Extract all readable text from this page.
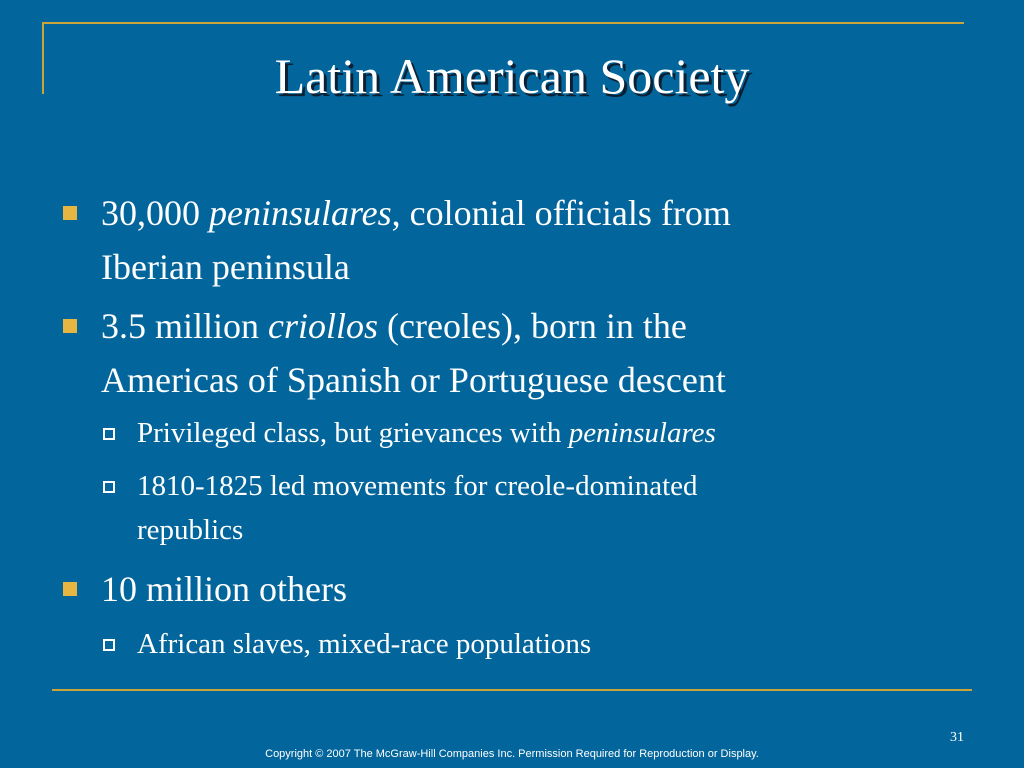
Latin American Society
30,000 peninsulares, colonial officials from
Iberian peninsula
3.5 million criollos (creoles), born in the
Americas of Spanish or Portuguese descent
Privileged class, but grievances with peninsulares
1810-1825 led movements for creole-dominated
republics
10 million others
African slaves, mixed-race populations
31
Copyright © 2007 The McGraw-Hill Companies Inc. Permission Required for Reproduction or Display.
